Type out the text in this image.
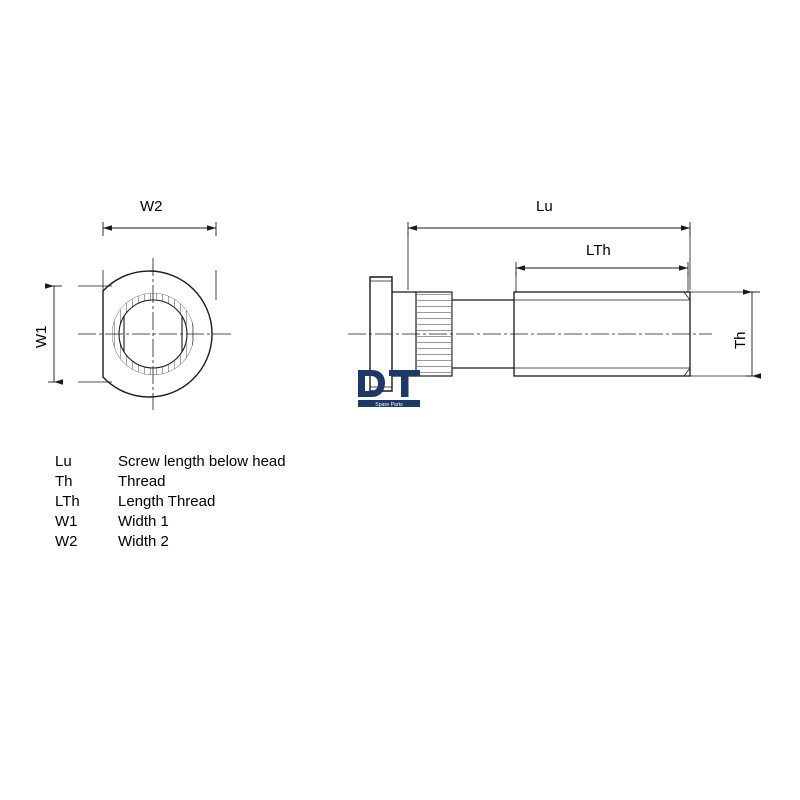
W2
W1
Lu
LTh
Th
Spare Parts
Lu	Screw length below head
Th	Thread
LTh	Length Thread
W1	Width 1
W2	Width 2
